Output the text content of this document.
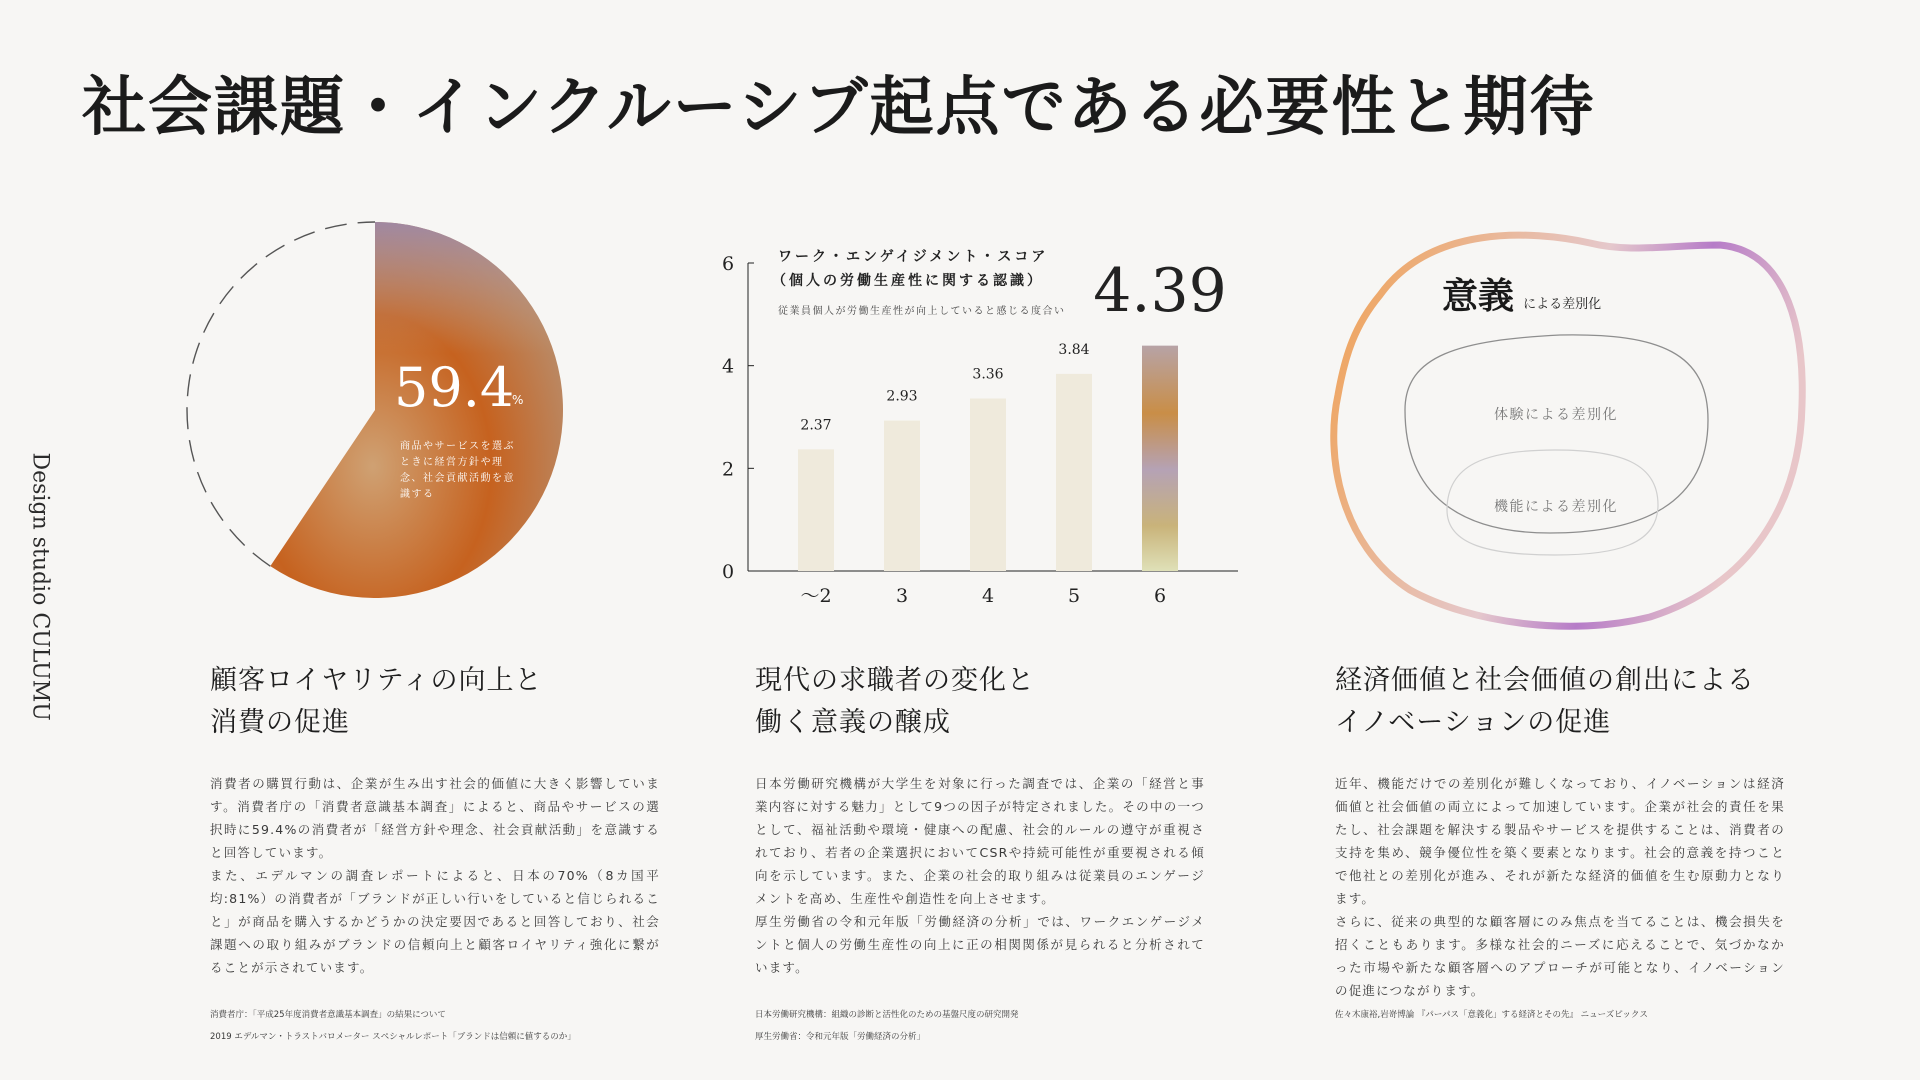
社会課題・インクルーシブ起点である必要性と期待
Design studio CULUMU
59.4
%
商品やサービスを選ぶ
ときに経営方針や理
念、社会貢献活動を意
識する
ワーク・エンゲイジメント・スコア
（個人の労働生産性に関する認識）
従業員個人が労働生産性が向上していると感じる度合い
6
4
2
0
2.37
〜2
2.93
3
3.36
4
3.84
5
4.39
6
意義 による差別化
体験による差別化
機能による差別化
顧客ロイヤリティの向上と
消費の促進

消費者の購買行動は、企業が生み出す社会的価値に大きく影響しています。消費者庁の「消費者意識基本調査」によると、商品やサービスの選択時に59.4%の消費者が「経営方針や理念、社会貢献活動」を意識すると回答しています。

また、エデルマンの調査レポートによると、日本の70%（8カ国平均:81%）の消費者が「ブランドが正しい行いをしていると信じられること」が商品を購入するかどうかの決定要因であると回答しており、社会課題への取り組みがブランドの信頼向上と顧客ロイヤリティ強化に繋がることが示されています。

消費者庁：「平成25年度消費者意識基本調査」の結果について
2019 エデルマン・トラストバロメーター スペシャルレポート「ブランドは信頼に値するのか」
現代の求職者の変化と
働く意義の醸成

日本労働研究機構が大学生を対象に行った調査では、企業の「経営と事業内容に対する魅力」として9つの因子が特定されました。その中の一つとして、福祉活動や環境・健康への配慮、社会的ルールの遵守が重視されており、若者の企業選択においてCSRや持続可能性が重要視される傾向を示しています。また、企業の社会的取り組みは従業員のエンゲージメントを高め、生産性や創造性を向上させます。

厚生労働省の令和元年版「労働経済の分析」では、ワークエンゲージメントと個人の労働生産性の向上に正の相関関係が見られると分析されています。

日本労働研究機構：組織の診断と活性化のための基盤尺度の研究開発
厚生労働省：令和元年版「労働経済の分析」
経済価値と社会価値の創出による
イノベーションの促進

近年、機能だけでの差別化が難しくなっており、イノベーションは経済価値と社会価値の両立によって加速しています。企業が社会的責任を果たし、社会課題を解決する製品やサービスを提供することは、消費者の支持を集め、競争優位性を築く要素となります。社会的意義を持つことで他社との差別化が進み、それが新たな経済的価値を生む原動力となります。

さらに、従来の典型的な顧客層にのみ焦点を当てることは、機会損失を招くこともあります。多様な社会的ニーズに応えることで、気づかなかった市場や新たな顧客層へのアプローチが可能となり、イノベーションの促進につながります。

佐々木康裕,岩嵜博論 『パーパス「意義化」する経済とその先』 ニューズピックス
